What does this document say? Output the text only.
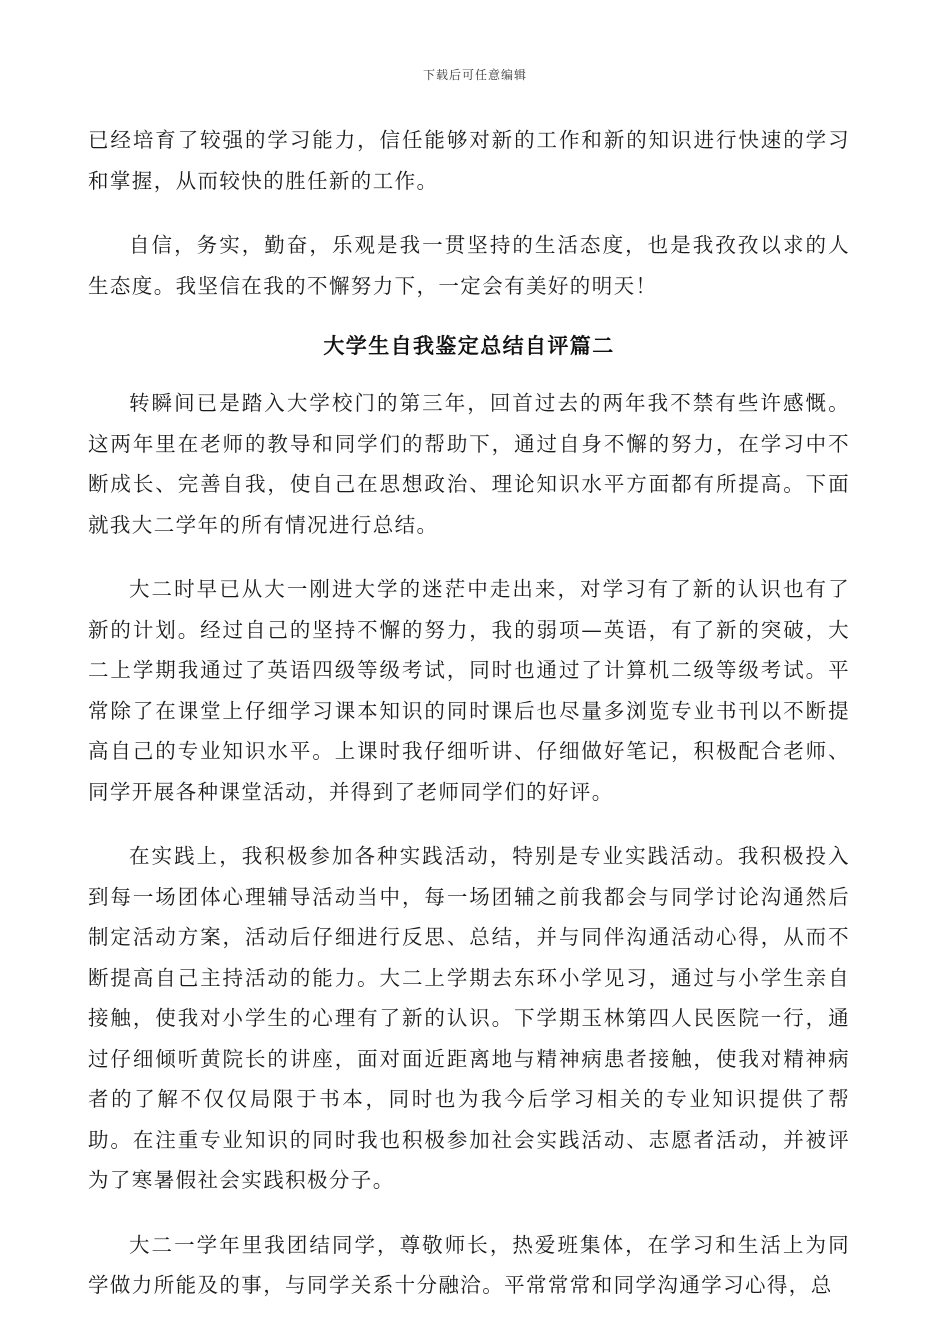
下载后可任意编辑

已经培育了较强的学习能力，信任能够对新的工作和新的知识进行快速的学习和掌握，从而较快的胜任新的工作。

自信，务实，勤奋，乐观是我一贯坚持的生活态度，也是我孜孜以求的人生态度。我坚信在我的不懈努力下，一定会有美好的明天！

大学生自我鉴定总结自评篇二

转瞬间已是踏入大学校门的第三年，回首过去的两年我不禁有些许感慨。这两年里在老师的教导和同学们的帮助下，通过自身不懈的努力，在学习中不断成长、完善自我，使自己在思想政治、理论知识水平方面都有所提高。下面就我大二学年的所有情况进行总结。

大二时早已从大一刚进大学的迷茫中走出来，对学习有了新的认识也有了新的计划。经过自己的坚持不懈的努力，我的弱项—英语，有了新的突破，大二上学期我通过了英语四级等级考试，同时也通过了计算机二级等级考试。平常除了在课堂上仔细学习课本知识的同时课后也尽量多浏览专业书刊以不断提高自己的专业知识水平。上课时我仔细听讲、仔细做好笔记，积极配合老师、同学开展各种课堂活动，并得到了老师同学们的好评。

在实践上，我积极参加各种实践活动，特别是专业实践活动。我积极投入到每一场团体心理辅导活动当中，每一场团辅之前我都会与同学讨论沟通然后制定活动方案，活动后仔细进行反思、总结，并与同伴沟通活动心得，从而不断提高自己主持活动的能力。大二上学期去东环小学见习，通过与小学生亲自接触，使我对小学生的心理有了新的认识。下学期玉林第四人民医院一行，通过仔细倾听黄院长的讲座，面对面近距离地与精神病患者接触，使我对精神病者的了解不仅仅局限于书本，同时也为我今后学习相关的专业知识提供了帮助。在注重专业知识的同时我也积极参加社会实践活动、志愿者活动，并被评为了寒暑假社会实践积极分子。

大二一学年里我团结同学，尊敬师长，热爱班集体，在学习和生活上为同学做力所能及的事，与同学关系十分融洽。平常常常和同学沟通学习心得，总
